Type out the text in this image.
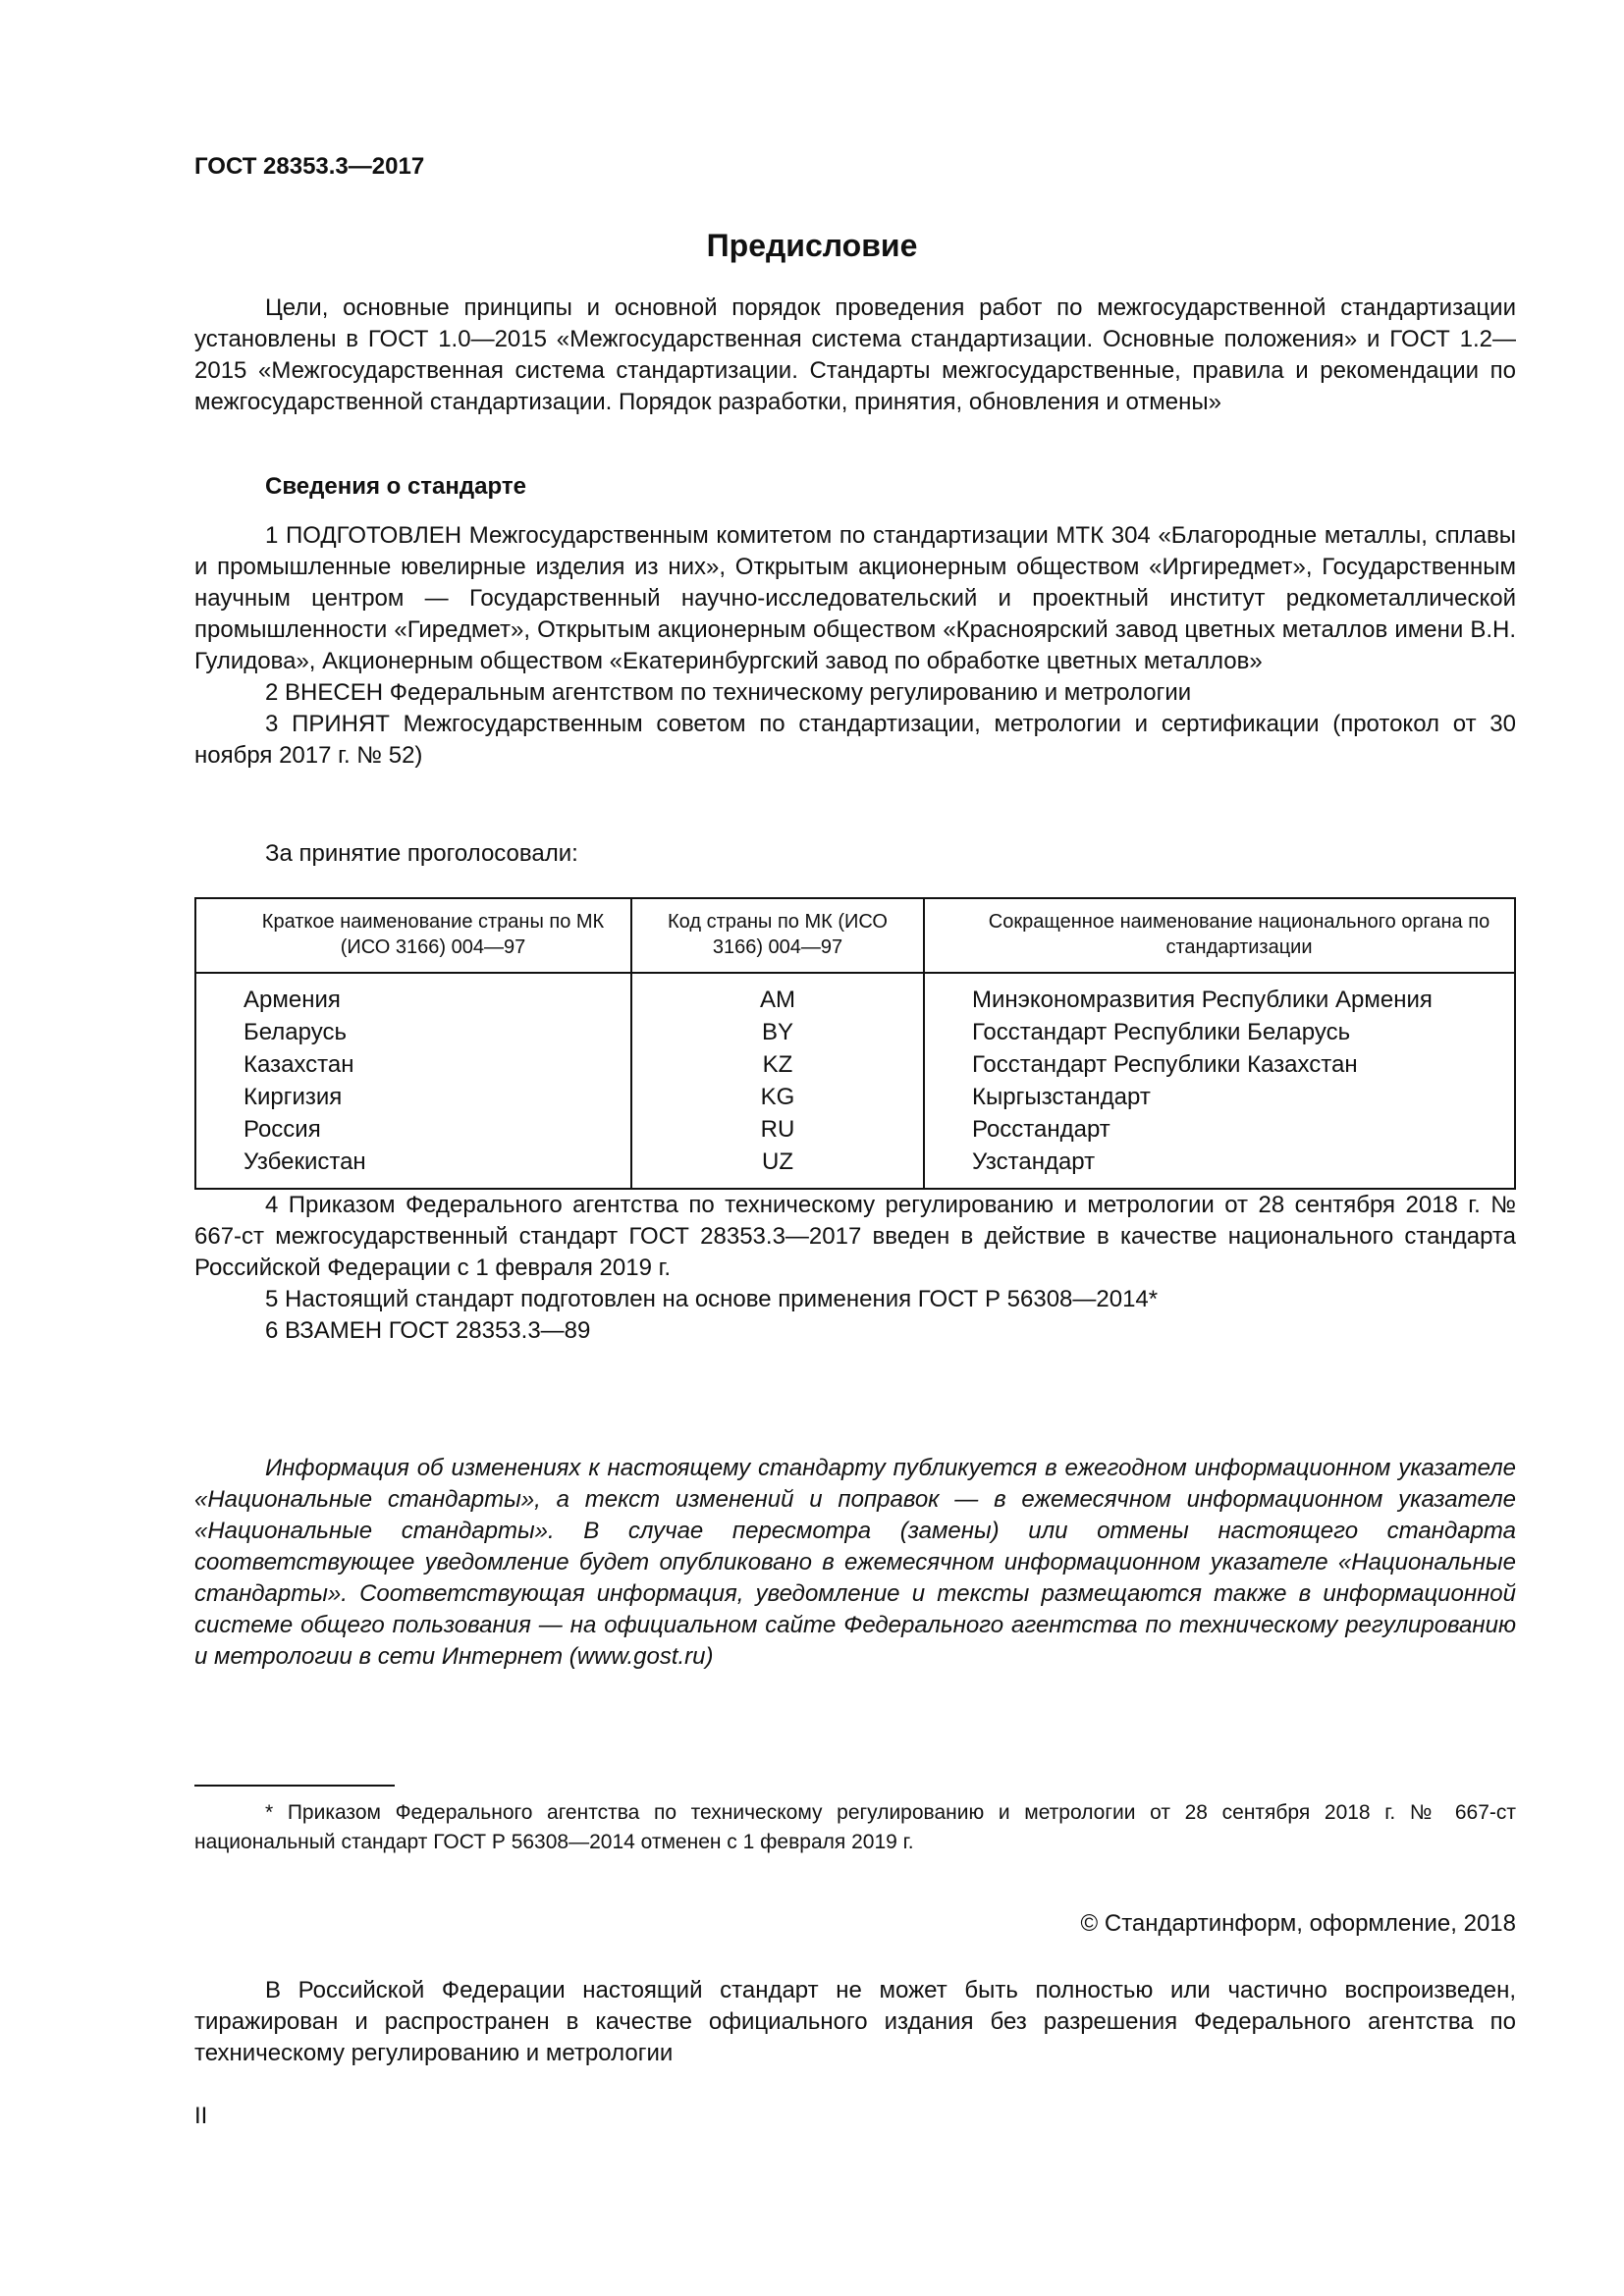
ГОСТ 28353.3—2017
Предисловие
Цели, основные принципы и основной порядок проведения работ по межгосударственной стандартизации установлены в ГОСТ 1.0—2015 «Межгосударственная система стандартизации. Основные положения» и ГОСТ 1.2—2015 «Межгосударственная система стандартизации. Стандарты межгосударственные, правила и рекомендации по межгосударственной стандартизации. Порядок разработки, принятия, обновления и отмены»
Сведения о стандарте

1 ПОДГОТОВЛЕН Межгосударственным комитетом по стандартизации МТК 304 «Благородные металлы, сплавы и промышленные ювелирные изделия из них», Открытым акционерным обществом «Иргиредмет», Государственным научным центром — Государственный научно-исследовательский и проектный институт редкометаллической промышленности «Гиредмет», Открытым акционерным обществом «Красноярский завод цветных металлов имени В.Н. Гулидова», Акционерным обществом «Екатеринбургский завод по обработке цветных металлов»

2 ВНЕСЕН Федеральным агентством по техническому регулированию и метрологии

3 ПРИНЯТ Межгосударственным советом по стандартизации, метрологии и сертификации (протокол от 30 ноября 2017 г. № 52)

За принятие проголосовали:
Краткое наименование страны по МК (ИСО 3166) 004—97	Код страны по МК (ИСО 3166) 004—97	Сокращенное наименование национального органа по стандартизации
Армения	AM	Минэкономразвития Республики Армения
Беларусь	BY	Госстандарт Республики Беларусь
Казахстан	KZ	Госстандарт Республики Казахстан
Киргизия	KG	Кыргызстандарт
Россия	RU	Росстандарт
Узбекистан	UZ	Узстандарт

4 Приказом Федерального агентства по техническому регулированию и метрологии от 28 сентября 2018 г. № 667-ст межгосударственный стандарт ГОСТ 28353.3—2017 введен в действие в качестве национального стандарта Российской Федерации с 1 февраля 2019 г.

5 Настоящий стандарт подготовлен на основе применения ГОСТ Р 56308—2014*

6 ВЗАМЕН ГОСТ 28353.3—89

Информация об изменениях к настоящему стандарту публикуется в ежегодном информационном указателе «Национальные стандарты», а текст изменений и поправок — в ежемесячном информационном указателе «Национальные стандарты». В случае пересмотра (замены) или отмены настоящего стандарта соответствующее уведомление будет опубликовано в ежемесячном информационном указателе «Национальные стандарты». Соответствующая информация, уведомление и тексты размещаются также в информационной системе общего пользования — на официальном сайте Федерального агентства по техническому регулированию и метрологии в сети Интернет (www.gost.ru)
* Приказом Федерального агентства по техническому регулированию и метрологии от 28 сентября 2018 г. № 667-ст национальный стандарт ГОСТ Р 56308—2014 отменен с 1 февраля 2019 г.
© Стандартинформ, оформление, 2018
В Российской Федерации настоящий стандарт не может быть полностью или частично воспроизведен, тиражирован и распространен в качестве официального издания без разрешения Федерального агентства по техническому регулированию и метрологии
II
